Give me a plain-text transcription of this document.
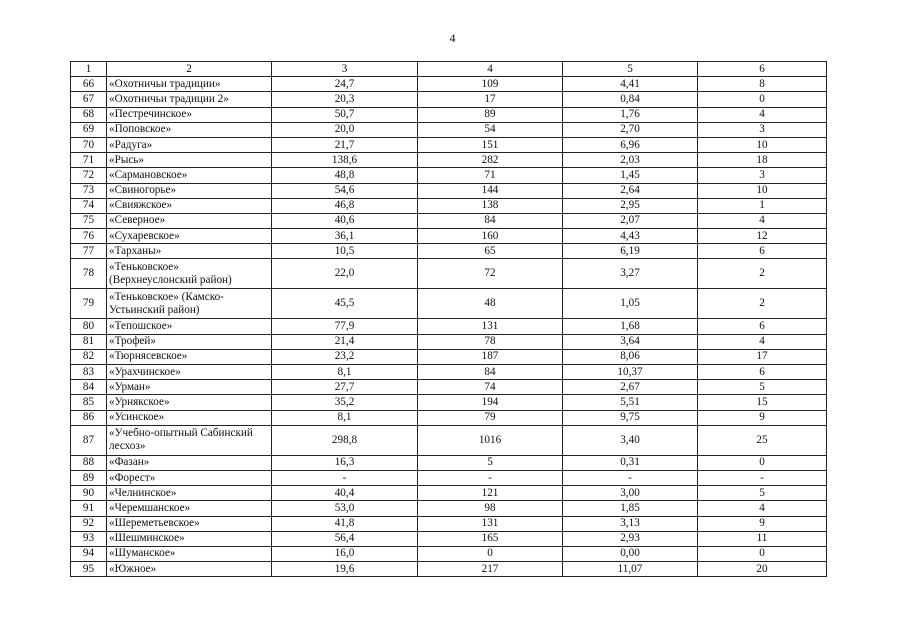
4
1	2	3	4	5	6
66	«Охотничьи традиции»	24,7	109	4,41	8
67	«Охотничьи традиции 2»	20,3	17	0,84	0
68	«Пестречинское»	50,7	89	1,76	4
69	«Поповское»	20,0	54	2,70	3
70	«Радуга»	21,7	151	6,96	10
71	«Рысь»	138,6	282	2,03	18
72	«Сармановское»	48,8	71	1,45	3
73	«Свиногорье»	54,6	144	2,64	10
74	«Свияжское»	46,8	138	2,95	1
75	«Северное»	40,6	84	2,07	4
76	«Сухаревское»	36,1	160	4,43	12
77	«Тарханы»	10,5	65	6,19	6
78	«Теньковское» (Верхнеуслонский район)	22,0	72	3,27	2
79	«Теньковское» (Камско-Устьинский район)	45,5	48	1,05	2
80	«Тепошское»	77,9	131	1,68	6
81	«Трофей»	21,4	78	3,64	4
82	«Тюрнясевское»	23,2	187	8,06	17
83	«Урахчинское»	8,1	84	10,37	6
84	«Урман»	27,7	74	2,67	5
85	«Урнякское»	35,2	194	5,51	15
86	«Усинское»	8,1	79	9,75	9
87	«Учебно-опытный Сабинский лесхоз»	298,8	1016	3,40	25
88	«Фазан»	16,3	5	0,31	0
89	«Форест»	-	-	-	-
90	«Челнинское»	40,4	121	3,00	5
91	«Черемшанское»	53,0	98	1,85	4
92	«Шереметьевское»	41,8	131	3,13	9
93	«Шешминское»	56,4	165	2,93	11
94	«Шуманское»	16,0	0	0,00	0
95	«Южное»	19,6	217	11,07	20
